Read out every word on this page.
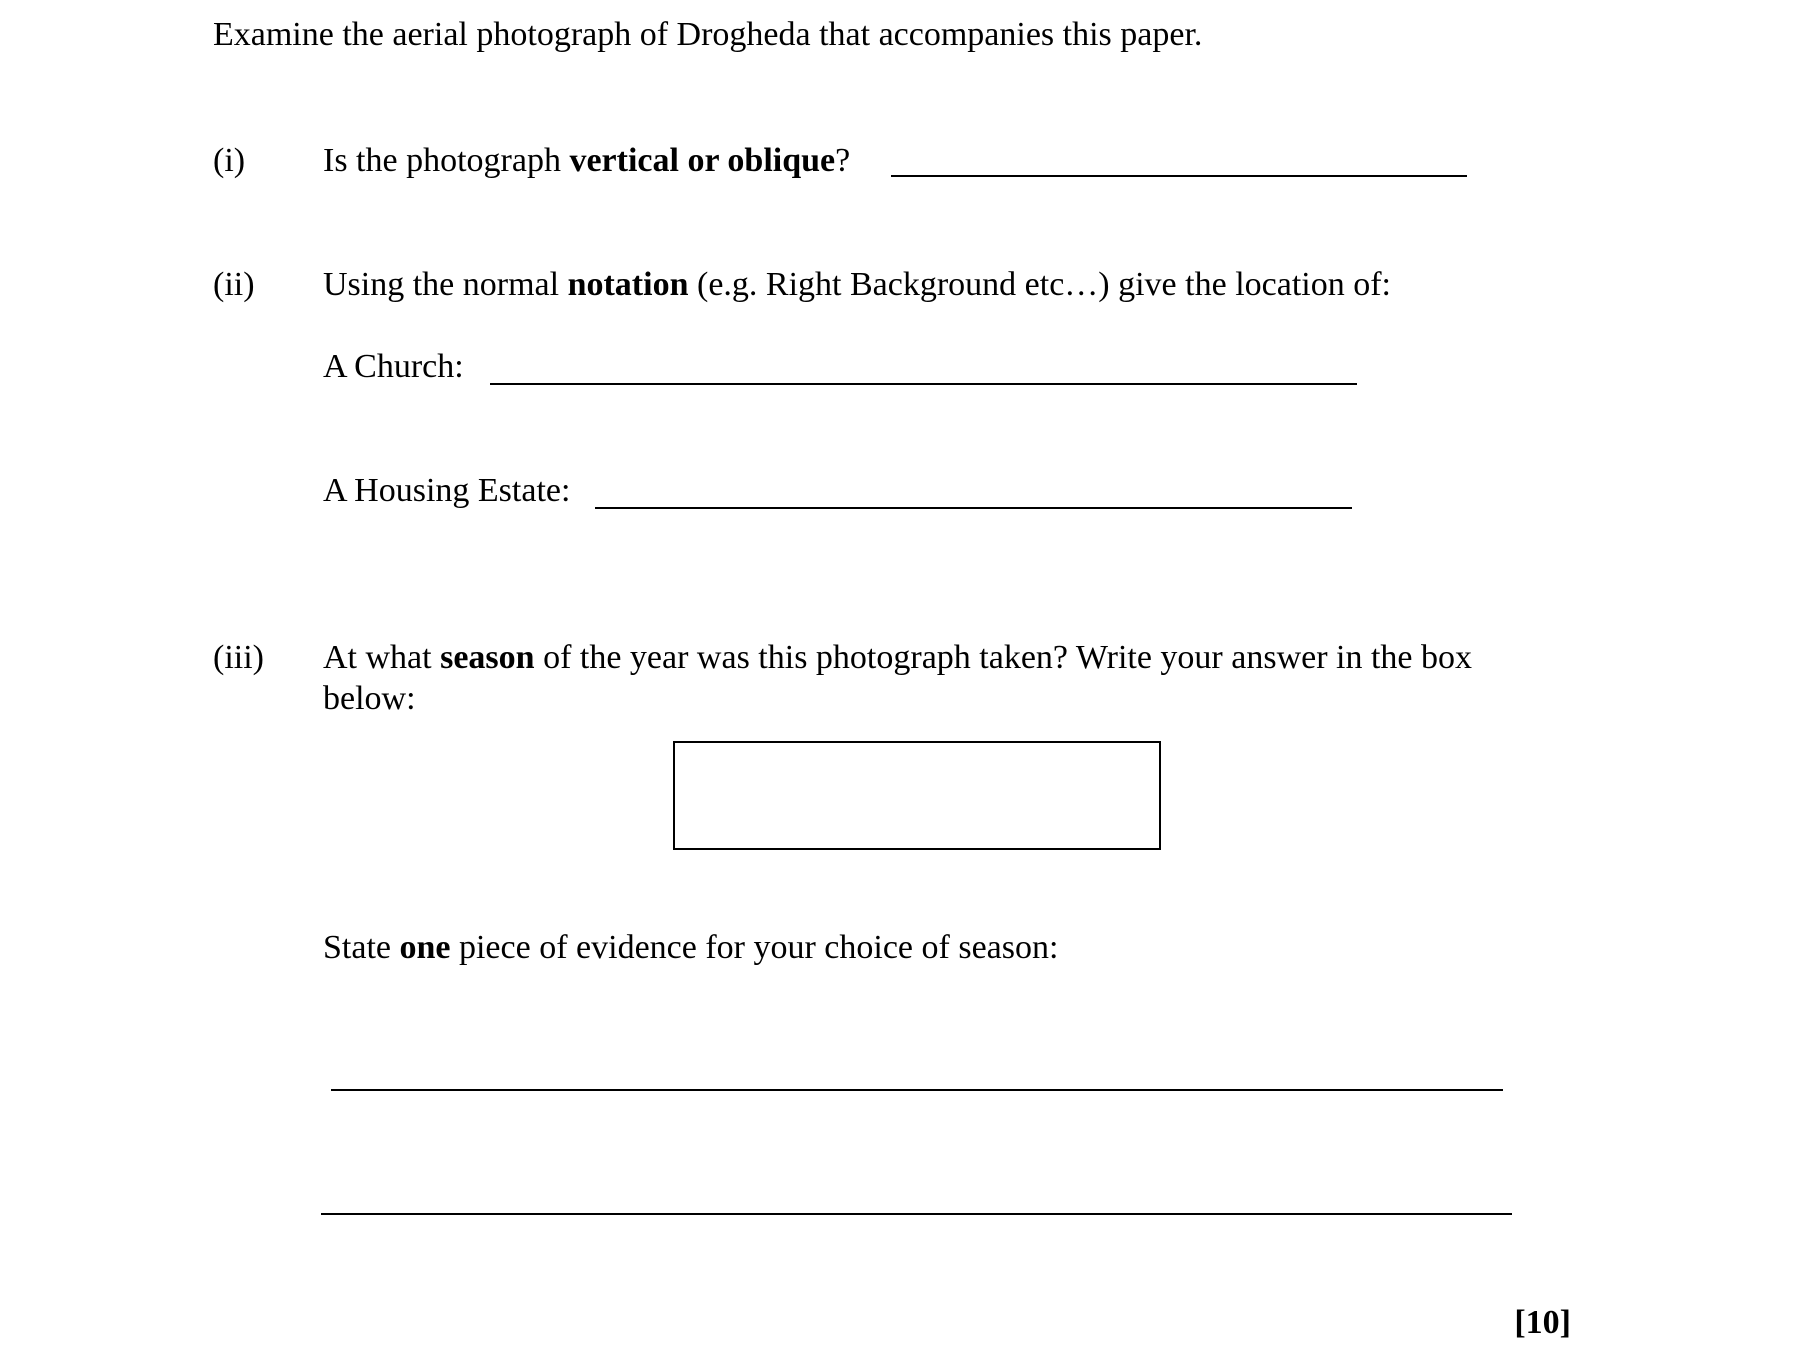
Examine the aerial photograph of Drogheda that accompanies this paper.
(i) Is the photograph vertical or oblique?
(ii) Using the normal notation (e.g. Right Background etc…) give the location of:
A Church:
A Housing Estate:
(iii) At what season of the year was this photograph taken? Write your answer in the box
below:
State one piece of evidence for your choice of season:
[10]
